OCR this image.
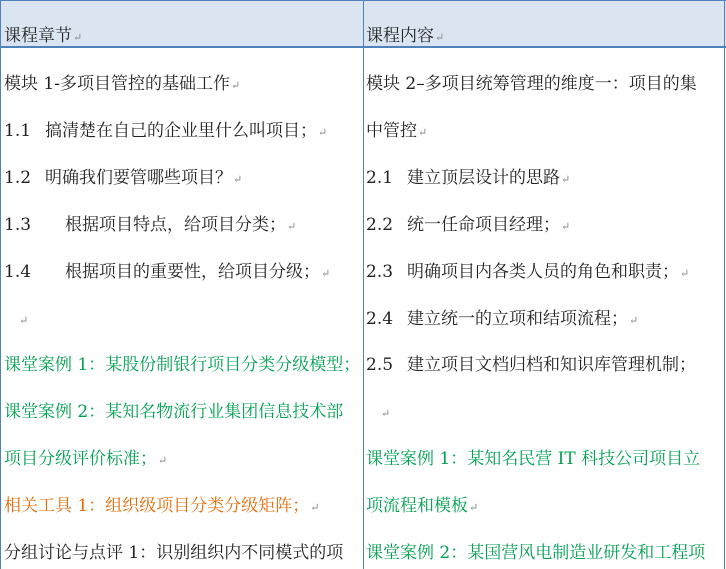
课程章节↵
模块 1-多项目管控的基础工作↵
1.1 搞清楚在自己的企业里什么叫项目；↵
1.2 明确我们要管哪些项目？↵
1.3 根据项目特点，给项目分类；↵
1.4 根据项目的重要性，给项目分级；↵
↵
课堂案例 1：某股份制银行项目分类分级模型；
课堂案例 2：某知名物流行业集团信息技术部
项目分级评价标准；↵
相关工具 1：组织级项目分类分级矩阵；↵
分组讨论与点评 1：识别组织内不同模式的项
课程内容↵
模块 2–多项目统筹管理的维度一：项目的集
中管控↵
2.1 建立顶层设计的思路↵
2.2 统一任命项目经理；↵
2.3 明确项目内各类人员的角色和职责；↵
2.4 建立统一的立项和结项流程；↵
2.5 建立项目文档归档和知识库管理机制；
↵
课堂案例 1：某知名民营 IT 科技公司项目立
项流程和模板↵
课堂案例 2：某国营风电制造业研发和工程项
